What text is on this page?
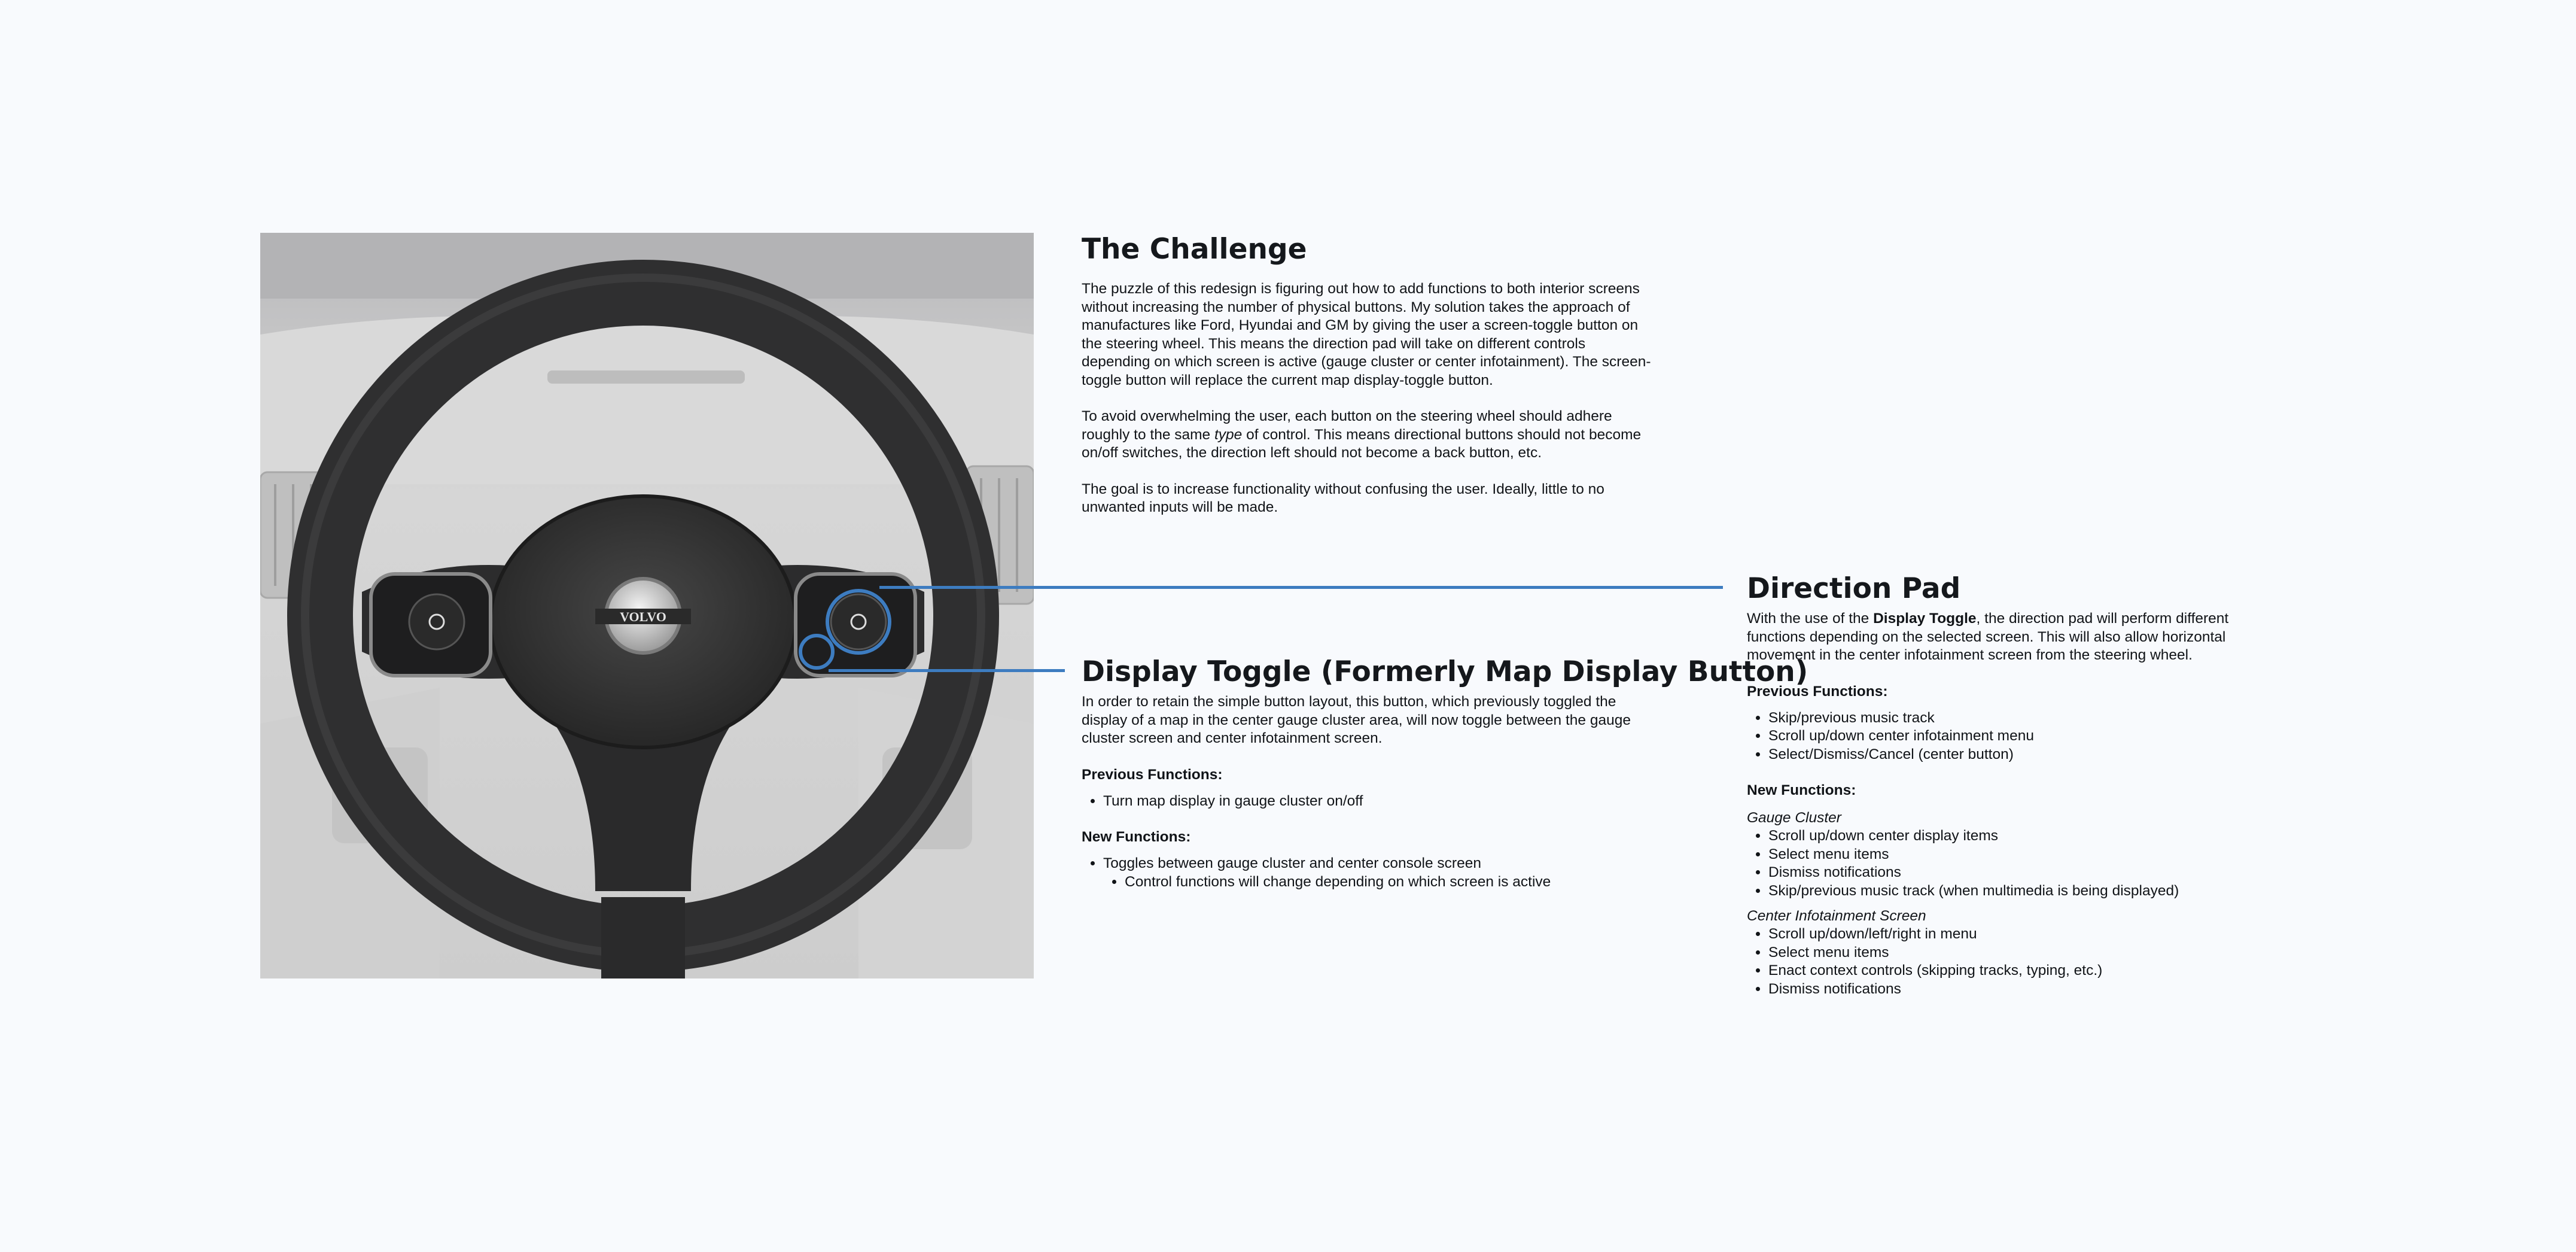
VOLVO
The Challenge

The puzzle of this redesign is figuring out how to add functions to both interior screens without increasing the number of physical buttons. My solution takes the approach of manufactures like Ford, Hyundai and GM by giving the user a screen-toggle button on the steering wheel. This means the direction pad will take on different controls depending on which screen is active (gauge cluster or center infotainment). The screen-toggle button will replace the current map display-toggle button.

To avoid overwhelming the user, each button on the steering wheel should adhere roughly to the same type of control. This means directional buttons should not become on/off switches, the direction left should not become a back button, etc.

The goal is to increase functionality without confusing the user. Ideally, little to no unwanted inputs will be made.

Display Toggle (Formerly Map Display Button)

In order to retain the simple button layout, this button, which previously toggled the display of a map in the center gauge cluster area, will now toggle between the gauge cluster screen and center infotainment screen.

Previous Functions:

• Turn map display in gauge cluster on/off

New Functions:

• Toggles between gauge cluster and center console screen
• Control functions will change depending on which screen is active
Direction Pad

With the use of the Display Toggle, the direction pad will perform different functions depending on the selected screen. This will also allow horizontal movement in the center infotainment screen from the steering wheel.

Previous Functions:

• Skip/previous music track
• Scroll up/down center infotainment menu
• Select/Dismiss/Cancel (center button)

New Functions:

Gauge Cluster

• Scroll up/down center display items
• Select menu items
• Dismiss notifications
• Skip/previous music track (when multimedia is being displayed)

Center Infotainment Screen

• Scroll up/down/left/right in menu
• Select menu items
• Enact context controls (skipping tracks, typing, etc.)
• Dismiss notifications
